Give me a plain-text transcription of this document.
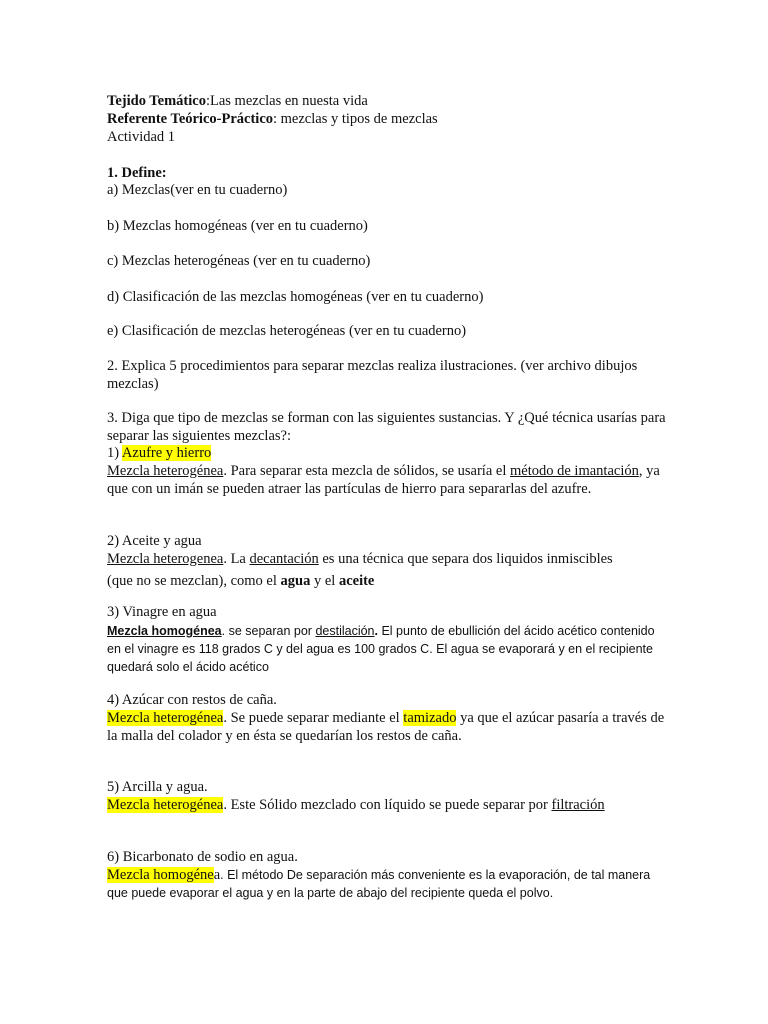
Tejido Temático:Las mezclas en nuesta vida
Referente Teórico-Práctico: mezclas y tipos de mezclas
Actividad 1
1. Define:
a) Mezclas(ver en tu cuaderno)
b) Mezclas homogéneas (ver en tu cuaderno)
c) Mezclas heterogéneas (ver en tu cuaderno)
d) Clasificación de las mezclas homogéneas (ver en tu cuaderno)
e) Clasificación de mezclas heterogéneas (ver en tu cuaderno)
2. Explica 5 procedimientos para separar mezclas realiza ilustraciones. (ver archivo dibujos mezclas)
3. Diga que tipo de mezclas se forman con las siguientes sustancias. Y ¿Qué técnica usarías para separar las siguientes mezclas?:
1) Azufre y hierro
Mezcla heterogénea. Para separar esta mezcla de sólidos, se usaría el método de imantación, ya que con un imán se pueden atraer las partículas de hierro para separarlas del azufre.
2) Aceite y agua
Mezcla heterogenea. La decantación es una técnica que separa dos liquidos inmiscibles
(que no se mezclan), como el agua y el aceite
3) Vinagre en agua
Mezcla homogénea. se separan por destilación. El punto de ebullición del ácido acético contenido en el vinagre es 118 grados C y del agua es 100 grados C. El agua se evaporará y en el recipiente quedará solo el ácido acético
4) Azúcar con restos de caña.
Mezcla heterogénea. Se puede separar mediante el tamizado ya que el azúcar pasaría a través de la malla del colador y en ésta se quedarían los restos de caña.
5) Arcilla y agua.
Mezcla heterogénea. Este Sólido mezclado con líquido se puede separar por filtración
6) Bicarbonato de sodio en agua.
Mezcla homogénea. El método De separación más conveniente es la evaporación, de tal manera que puede evaporar el agua y en la parte de abajo del recipiente queda el polvo.
